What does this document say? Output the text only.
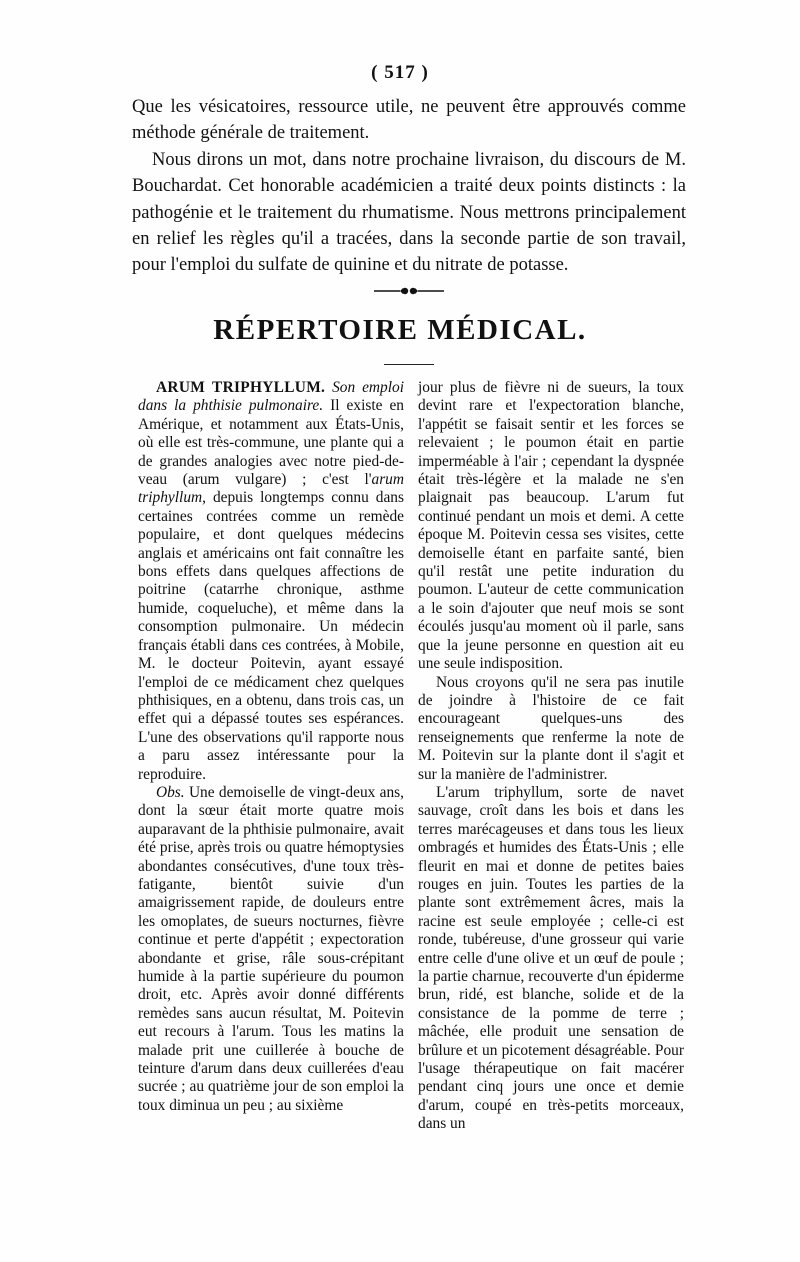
( 517 )

Que les vésicatoires, ressource utile, ne peuvent être approuvés comme méthode générale de traitement.

Nous dirons un mot, dans notre prochaine livraison, du discours de M. Bouchardat. Cet honorable académicien a traité deux points distincts : la pathogénie et le traitement du rhumatisme. Nous mettrons principalement en relief les règles qu'il a tracées, dans la seconde partie de son travail, pour l'emploi du sulfate de quinine et du nitrate de potasse.

RÉPERTOIRE MÉDICAL.

ARUM TRIPHYLLUM. Son emploi dans la phthisie pulmonaire. Il existe en Amérique, et notamment aux États-Unis, où elle est très-commune, une plante qui a de grandes analogies avec notre pied-de-veau (arum vulgare) ; c'est l'arum triphyllum, depuis longtemps connu dans certaines contrées comme un remède populaire, et dont quelques médecins anglais et américains ont fait connaître les bons effets dans quelques affections de poitrine (catarrhe chronique, asthme humide, coqueluche), et même dans la consomption pulmonaire. Un médecin français établi dans ces contrées, à Mobile, M. le docteur Poitevin, ayant essayé l'emploi de ce médicament chez quelques phthisiques, en a obtenu, dans trois cas, un effet qui a dépassé toutes ses espérances. L'une des observations qu'il rapporte nous a paru assez intéressante pour la reproduire.

Obs. Une demoiselle de vingt-deux ans, dont la sœur était morte quatre mois auparavant de la phthisie pulmonaire, avait été prise, après trois ou quatre hémoptysies abondantes consécutives, d'une toux très-fatigante, bientôt suivie d'un amaigrissement rapide, de douleurs entre les omoplates, de sueurs nocturnes, fièvre continue et perte d'appétit ; expectoration abondante et grise, râle sous-crépitant humide à la partie supérieure du poumon droit, etc. Après avoir donné différents remèdes sans aucun résultat, M. Poitevin eut recours à l'arum. Tous les matins la malade prit une cuillerée à bouche de teinture d'arum dans deux cuillerées d'eau sucrée ; au quatrième jour de son emploi la toux diminua un peu ; au sixième

jour plus de fièvre ni de sueurs, la toux devint rare et l'expectoration blanche, l'appétit se faisait sentir et les forces se relevaient ; le poumon était en partie imperméable à l'air ; cependant la dyspnée était très-légère et la malade ne s'en plaignait pas beaucoup. L'arum fut continué pendant un mois et demi. A cette époque M. Poitevin cessa ses visites, cette demoiselle étant en parfaite santé, bien qu'il restât une petite induration du poumon. L'auteur de cette communication a le soin d'ajouter que neuf mois se sont écoulés jusqu'au moment où il parle, sans que la jeune personne en question ait eu une seule indisposition.

Nous croyons qu'il ne sera pas inutile de joindre à l'histoire de ce fait encourageant quelques-uns des renseignements que renferme la note de M. Poitevin sur la plante dont il s'agit et sur la manière de l'administrer.

L'arum triphyllum, sorte de navet sauvage, croît dans les bois et dans les terres marécageuses et dans tous les lieux ombragés et humides des États-Unis ; elle fleurit en mai et donne de petites baies rouges en juin. Toutes les parties de la plante sont extrêmement âcres, mais la racine est seule employée ; celle-ci est ronde, tubéreuse, d'une grosseur qui varie entre celle d'une olive et un œuf de poule ; la partie charnue, recouverte d'un épiderme brun, ridé, est blanche, solide et de la consistance de la pomme de terre ; mâchée, elle produit une sensation de brûlure et un picotement désagréable. Pour l'usage thérapeutique on fait macérer pendant cinq jours une once et demie d'arum, coupé en très-petits morceaux, dans un
